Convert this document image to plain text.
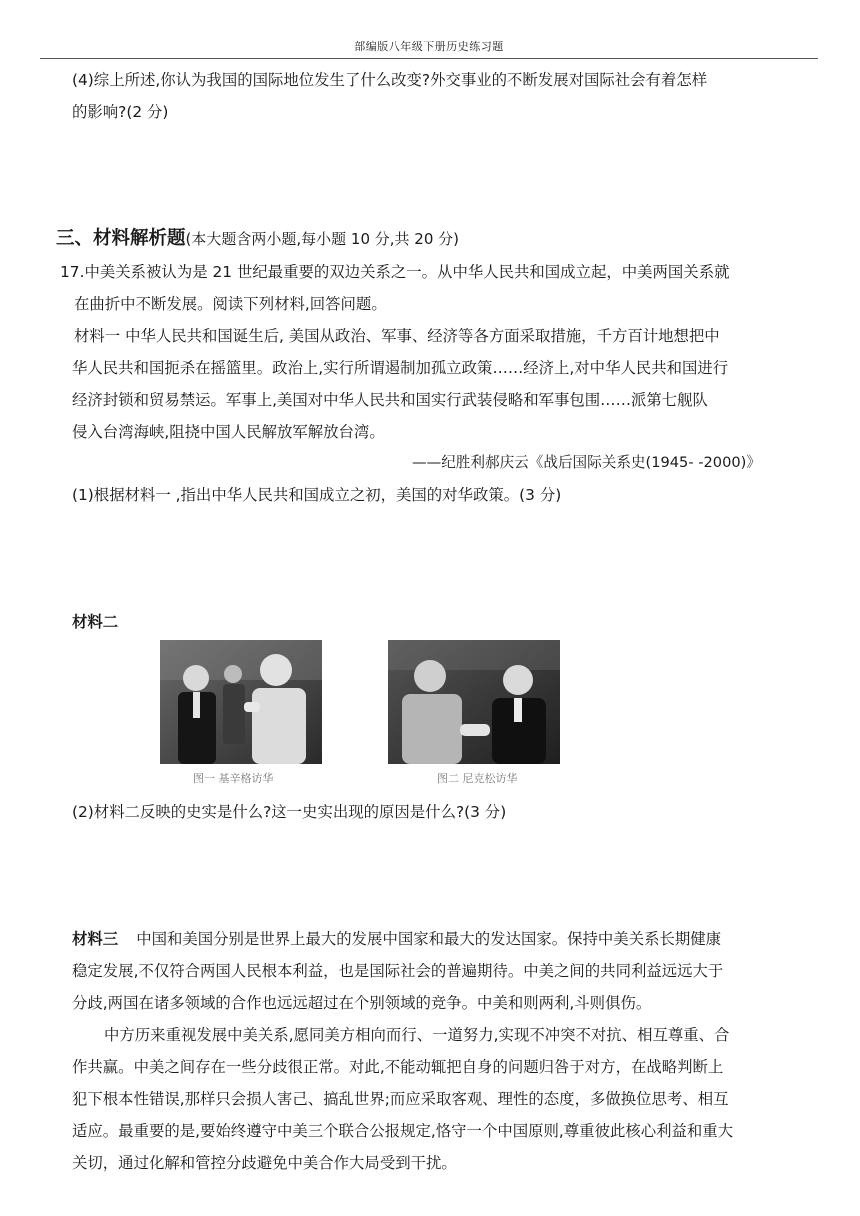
部编版八年级下册历史练习题
(4)综上所述,你认为我国的国际地位发生了什么改变?外交事业的不断发展对国际社会有着怎样
的影响?(2 分)
三、材料解析题(本大题含两小题,每小题 10 分,共 20 分)
17.中美关系被认为是 21 世纪最重要的双边关系之一。从中华人民共和国成立起，中美两国关系就
在曲折中不断发展。阅读下列材料,回答问题。
材料一 中华人民共和国诞生后, 美国从政治、军事、经济等各方面采取措施，千方百计地想把中
华人民共和国扼杀在摇篮里。政治上,实行所谓遏制加孤立政策……经济上,对中华人民共和国进行
经济封锁和贸易禁运。军事上,美国对中华人民共和国实行武装侵略和军事包围……派第七舰队
侵入台湾海峡,阻挠中国人民解放军解放台湾。
——纪胜利郝庆云《战后国际关系史(1945- -2000)》
(1)根据材料一 ,指出中华人民共和国成立之初，美国的对华政策。(3 分)
材料二
图一 基辛格访华	图二 尼克松访华
(2)材料二反映的史实是什么?这一史实出现的原因是什么?(3 分)
材料三 中国和美国分别是世界上最大的发展中国家和最大的发达国家。保持中美关系长期健康
稳定发展,不仅符合两国人民根本利益，也是国际社会的普遍期待。中美之间的共同利益远远大于
分歧,两国在诸多领域的合作也远远超过在个别领域的竞争。中美和则两利,斗则俱伤。
中方历来重视发展中美关系,愿同美方相向而行、一道努力,实现不冲突不对抗、相互尊重、合
作共赢。中美之间存在一些分歧很正常。对此,不能动辄把自身的问题归咎于对方，在战略判断上
犯下根本性错误,那样只会损人害己、搞乱世界;而应采取客观、理性的态度，多做换位思考、相互
适应。最重要的是,要始终遵守中美三个联合公报规定,恪守一个中国原则,尊重彼此核心利益和重大
关切，通过化解和管控分歧避免中美合作大局受到干扰。
